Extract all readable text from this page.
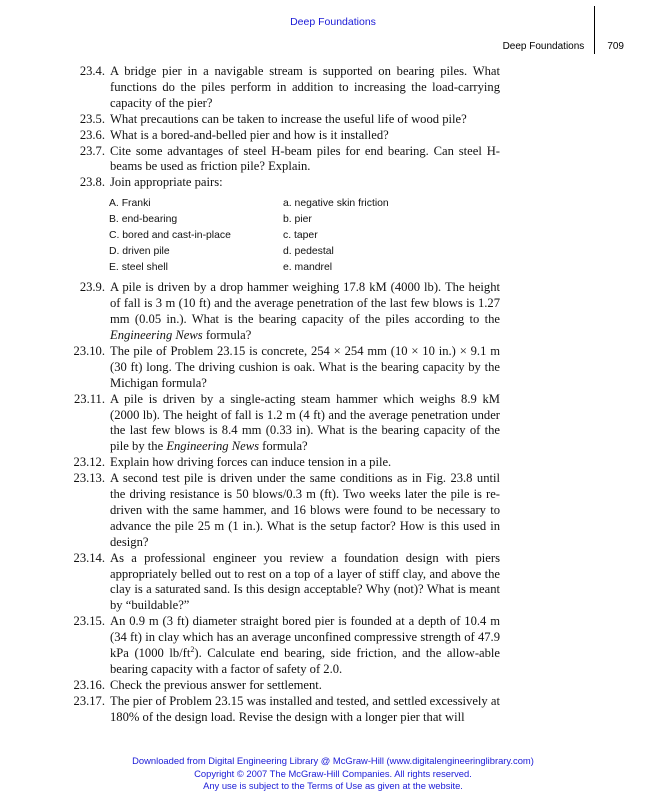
Deep Foundations
Deep Foundations 709
23.4. A bridge pier in a navigable stream is supported on bearing piles. What functions do the piles perform in addition to increasing the load-carrying capacity of the pier?
23.5. What precautions can be taken to increase the useful life of wood pile?
23.6. What is a bored-and-belled pier and how is it installed?
23.7. Cite some advantages of steel H-beam piles for end bearing. Can steel H-beams be used as friction pile? Explain.
23.8. Join appropriate pairs:
A. Franki	a. negative skin friction
B. end-bearing	b. pier
C. bored and cast-in-place	c. taper
D. driven pile	d. pedestal
E. steel shell	e. mandrel
23.9. A pile is driven by a drop hammer weighing 17.8 kM (4000 lb). The height of fall is 3 m (10 ft) and the average penetration of the last few blows is 1.27 mm (0.05 in.). What is the bearing capacity of the piles according to the Engineering News formula?
23.10. The pile of Problem 23.15 is concrete, 254 × 254 mm (10 × 10 in.) × 9.1 m (30 ft) long. The driving cushion is oak. What is the bearing capacity by the Michigan formula?
23.11. A pile is driven by a single-acting steam hammer which weighs 8.9 kM (2000 lb). The height of fall is 1.2 m (4 ft) and the average penetration under the last few blows is 8.4 mm (0.33 in). What is the bearing capacity of the pile by the Engineering News formula?
23.12. Explain how driving forces can induce tension in a pile.
23.13. A second test pile is driven under the same conditions as in Fig. 23.8 until the driving resistance is 50 blows/0.3 m (ft). Two weeks later the pile is re-driven with the same hammer, and 16 blows were found to be necessary to advance the pile 25 m (1 in.). What is the setup factor? How is this used in design?
23.14. As a professional engineer you review a foundation design with piers appropriately belled out to rest on a top of a layer of stiff clay, and above the clay is a saturated sand. Is this design acceptable? Why (not)? What is meant by “buildable?”
23.15. An 0.9 m (3 ft) diameter straight bored pier is founded at a depth of 10.4 m (34 ft) in clay which has an average unconfined compressive strength of 47.9 kPa (1000 $lb/ft^2$). Calculate end bearing, side friction, and the allow-able bearing capacity with a factor of safety of 2.0.
23.16. Check the previous answer for settlement.
23.17. The pier of Problem 23.15 was installed and tested, and settled excessively at 180% of the design load. Revise the design with a longer pier that will
Downloaded from Digital Engineering Library @ McGraw-Hill (www.digitalengineeringlibrary.com)
Copyright © 2007 The McGraw-Hill Companies. All rights reserved.
Any use is subject to the Terms of Use as given at the website.
